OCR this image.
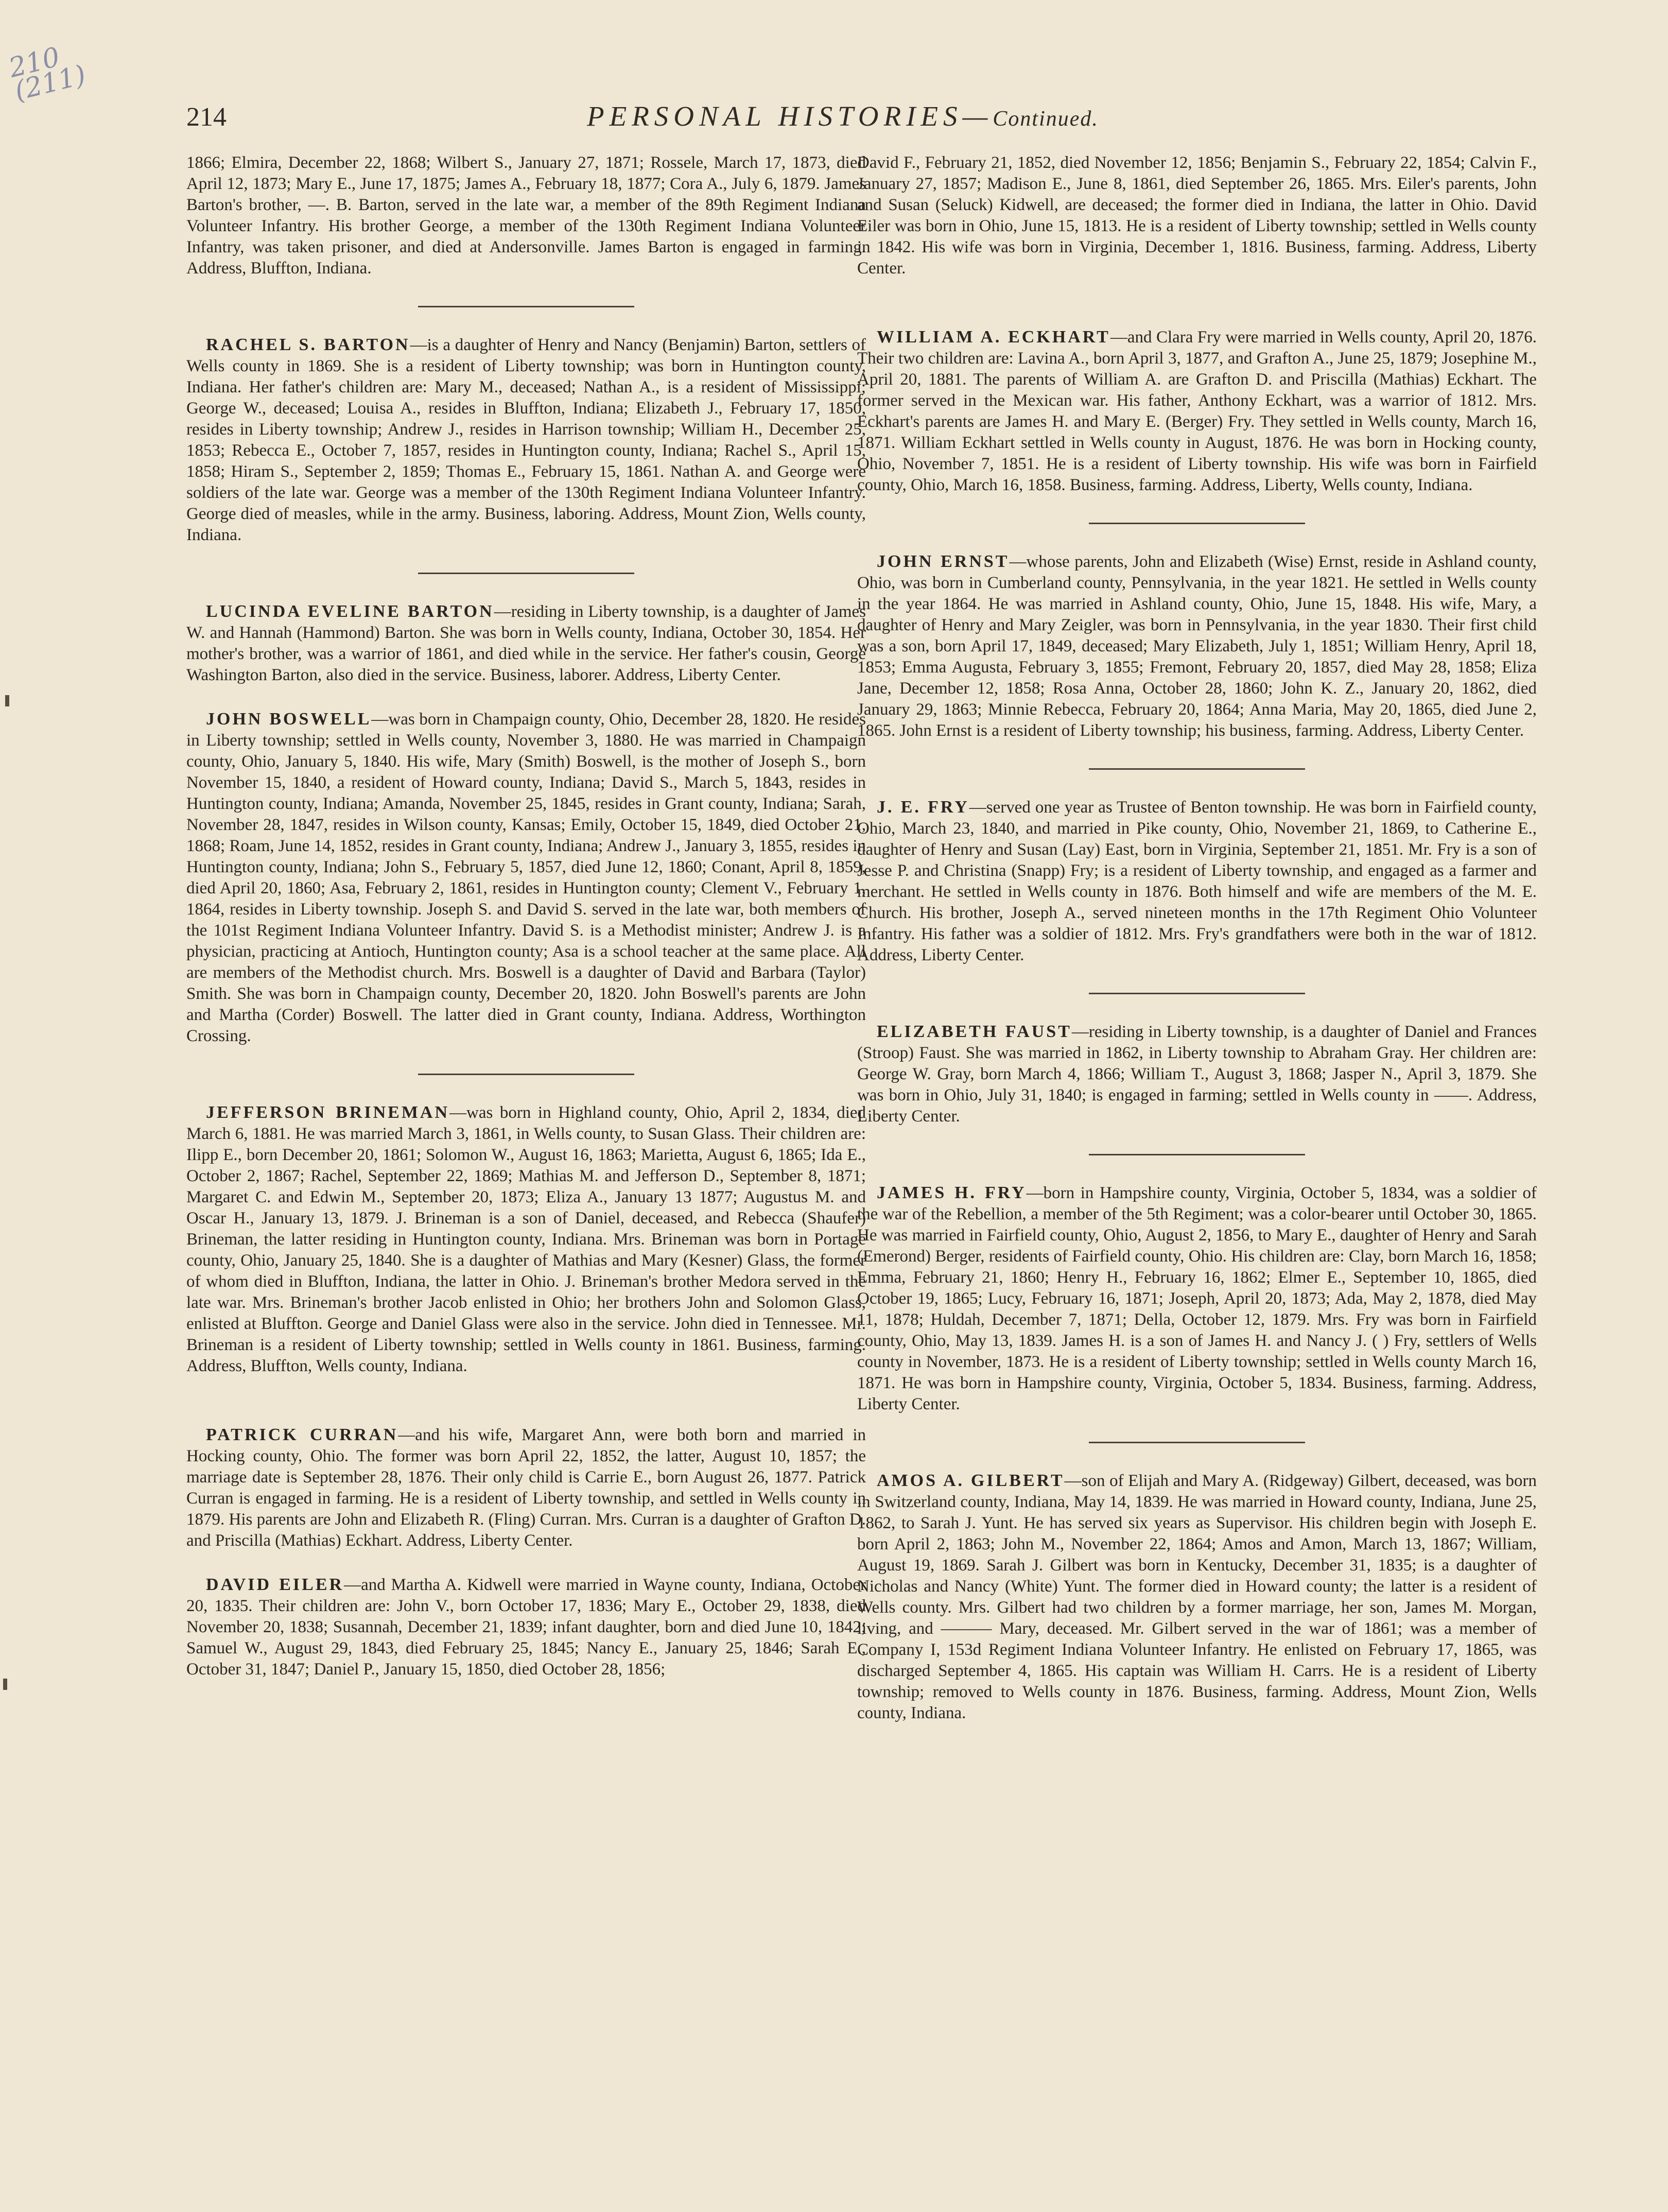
210 (211)
214	PERSONAL HISTORIES—Continued.

1866; Elmira, December 22, 1868; Wilbert S., January 27, 1871; Rossele, March 17, 1873, died April 12, 1873; Mary E., June 17, 1875; James A., February 18, 1877; Cora A., July 6, 1879. James Barton's brother, —. B. Barton, served in the late war, a member of the 89th Regiment Indiana Volunteer Infantry. His brother George, a member of the 130th Regiment Indiana Volunteer Infantry, was taken prisoner, and died at Andersonville. James Barton is engaged in farming. Address, Bluffton, Indiana.

RACHEL S. BARTON—is a daughter of Henry and Nancy (Benjamin) Barton, settlers of Wells county in 1869. She is a resident of Liberty township; was born in Huntington county, Indiana. Her father's children are: Mary M., deceased; Nathan A., is a resident of Mississippi; George W., deceased; Louisa A., resides in Bluffton, Indiana; Elizabeth J., February 17, 1850, resides in Liberty township; Andrew J., resides in Harrison township; William H., December 25, 1853; Rebecca E., October 7, 1857, resides in Huntington county, Indiana; Rachel S., April 15, 1858; Hiram S., September 2, 1859; Thomas E., February 15, 1861. Nathan A. and George were soldiers of the late war. George was a member of the 130th Regiment Indiana Volunteer Infantry. George died of measles, while in the army. Business, laboring. Address, Mount Zion, Wells county, Indiana.

LUCINDA EVELINE BARTON—residing in Liberty township, is a daughter of James W. and Hannah (Hammond) Barton. She was born in Wells county, Indiana, October 30, 1854. Her mother's brother, was a warrior of 1861, and died while in the service. Her father's cousin, George Washington Barton, also died in the service. Business, laborer. Address, Liberty Center.

JOHN BOSWELL—was born in Champaign county, Ohio, December 28, 1820. He resides in Liberty township; settled in Wells county, November 3, 1880. He was married in Champaign county, Ohio, January 5, 1840. His wife, Mary (Smith) Boswell, is the mother of Joseph S., born November 15, 1840, a resident of Howard county, Indiana; David S., March 5, 1843, resides in Huntington county, Indiana; Amanda, November 25, 1845, resides in Grant county, Indiana; Sarah, November 28, 1847, resides in Wilson county, Kansas; Emily, October 15, 1849, died October 21, 1868; Roam, June 14, 1852, resides in Grant county, Indiana; Andrew J., January 3, 1855, resides in Huntington county, Indiana; John S., February 5, 1857, died June 12, 1860; Conant, April 8, 1859, died April 20, 1860; Asa, February 2, 1861, resides in Huntington county; Clement V., February 1, 1864, resides in Liberty township. Joseph S. and David S. served in the late war, both members of the 101st Regiment Indiana Volunteer Infantry. David S. is a Methodist minister; Andrew J. is a physician, practicing at Antioch, Huntington county; Asa is a school teacher at the same place. All are members of the Methodist church. Mrs. Boswell is a daughter of David and Barbara (Taylor) Smith. She was born in Champaign county, December 20, 1820. John Boswell's parents are John and Martha (Corder) Boswell. The latter died in Grant county, Indiana. Address, Worthington Crossing.

JEFFERSON BRINEMAN—was born in Highland county, Ohio, April 2, 1834, died March 6, 1881. He was married March 3, 1861, in Wells county, to Susan Glass. Their children are: Ilipp E., born December 20, 1861; Solomon W., August 16, 1863; Marietta, August 6, 1865; Ida E., October 2, 1867; Rachel, September 22, 1869; Mathias M. and Jefferson D., September 8, 1871; Margaret C. and Edwin M., September 20, 1873; Eliza A., January 13 1877; Augustus M. and Oscar H., January 13, 1879. J. Brineman is a son of Daniel, deceased, and Rebecca (Shaufer) Brineman, the latter residing in Huntington county, Indiana. Mrs. Brineman was born in Portage county, Ohio, January 25, 1840. She is a daughter of Mathias and Mary (Kesner) Glass, the former of whom died in Bluffton, Indiana, the latter in Ohio. J. Brineman's brother Medora served in the late war. Mrs. Brineman's brother Jacob enlisted in Ohio; her brothers John and Solomon Glass, enlisted at Bluffton. George and Daniel Glass were also in the service. John died in Tennessee. Mr. Brineman is a resident of Liberty township; settled in Wells county in 1861. Business, farming. Address, Bluffton, Wells county, Indiana.

PATRICK CURRAN—and his wife, Margaret Ann, were both born and married in Hocking county, Ohio. The former was born April 22, 1852, the latter, August 10, 1857; the marriage date is September 28, 1876. Their only child is Carrie E., born August 26, 1877. Patrick Curran is engaged in farming. He is a resident of Liberty township, and settled in Wells county in 1879. His parents are John and Elizabeth R. (Fling) Curran. Mrs. Curran is a daughter of Grafton D. and Priscilla (Mathias) Eckhart. Address, Liberty Center.

DAVID EILER—and Martha A. Kidwell were married in Wayne county, Indiana, October 20, 1835. Their children are: John V., born October 17, 1836; Mary E., October 29, 1838, died November 20, 1838; Susannah, December 21, 1839; infant daughter, born and died June 10, 1842; Samuel W., August 29, 1843, died February 25, 1845; Nancy E., January 25, 1846; Sarah E., October 31, 1847; Daniel P., January 15, 1850, died October 28, 1856;

David F., February 21, 1852, died November 12, 1856; Benjamin S., February 22, 1854; Calvin F., January 27, 1857; Madison E., June 8, 1861, died September 26, 1865. Mrs. Eiler's parents, John and Susan (Seluck) Kidwell, are deceased; the former died in Indiana, the latter in Ohio. David Eiler was born in Ohio, June 15, 1813. He is a resident of Liberty township; settled in Wells county in 1842. His wife was born in Virginia, December 1, 1816. Business, farming. Address, Liberty Center.

WILLIAM A. ECKHART—and Clara Fry were married in Wells county, April 20, 1876. Their two children are: Lavina A., born April 3, 1877, and Grafton A., June 25, 1879; Josephine M., April 20, 1881. The parents of William A. are Grafton D. and Priscilla (Mathias) Eckhart. The former served in the Mexican war. His father, Anthony Eckhart, was a warrior of 1812. Mrs. Eckhart's parents are James H. and Mary E. (Berger) Fry. They settled in Wells county, March 16, 1871. William Eckhart settled in Wells county in August, 1876. He was born in Hocking county, Ohio, November 7, 1851. He is a resident of Liberty township. His wife was born in Fairfield county, Ohio, March 16, 1858. Business, farming. Address, Liberty, Wells county, Indiana.

JOHN ERNST—whose parents, John and Elizabeth (Wise) Ernst, reside in Ashland county, Ohio, was born in Cumberland county, Pennsylvania, in the year 1821. He settled in Wells county in the year 1864. He was married in Ashland county, Ohio, June 15, 1848. His wife, Mary, a daughter of Henry and Mary Zeigler, was born in Pennsylvania, in the year 1830. Their first child was a son, born April 17, 1849, deceased; Mary Elizabeth, July 1, 1851; William Henry, April 18, 1853; Emma Augusta, February 3, 1855; Fremont, February 20, 1857, died May 28, 1858; Eliza Jane, December 12, 1858; Rosa Anna, October 28, 1860; John K. Z., January 20, 1862, died January 29, 1863; Minnie Rebecca, February 20, 1864; Anna Maria, May 20, 1865, died June 2, 1865. John Ernst is a resident of Liberty township; his business, farming. Address, Liberty Center.

J. E. FRY—served one year as Trustee of Benton township. He was born in Fairfield county, Ohio, March 23, 1840, and married in Pike county, Ohio, November 21, 1869, to Catherine E., daughter of Henry and Susan (Lay) East, born in Virginia, September 21, 1851. Mr. Fry is a son of Jesse P. and Christina (Snapp) Fry; is a resident of Liberty township, and engaged as a farmer and merchant. He settled in Wells county in 1876. Both himself and wife are members of the M. E. Church. His brother, Joseph A., served nineteen months in the 17th Regiment Ohio Volunteer Infantry. His father was a soldier of 1812. Mrs. Fry's grandfathers were both in the war of 1812. Address, Liberty Center.

ELIZABETH FAUST—residing in Liberty township, is a daughter of Daniel and Frances (Stroop) Faust. She was married in 1862, in Liberty township to Abraham Gray. Her children are: George W. Gray, born March 4, 1866; William T., August 3, 1868; Jasper N., April 3, 1879. She was born in Ohio, July 31, 1840; is engaged in farming; settled in Wells county in ——. Address, Liberty Center.

JAMES H. FRY—born in Hampshire county, Virginia, October 5, 1834, was a soldier of the war of the Rebellion, a member of the 5th Regiment; was a color-bearer until October 30, 1865. He was married in Fairfield county, Ohio, August 2, 1856, to Mary E., daughter of Henry and Sarah (Emerond) Berger, residents of Fairfield county, Ohio. His children are: Clay, born March 16, 1858; Emma, February 21, 1860; Henry H., February 16, 1862; Elmer E., September 10, 1865, died October 19, 1865; Lucy, February 16, 1871; Joseph, April 20, 1873; Ada, May 2, 1878, died May 11, 1878; Huldah, December 7, 1871; Della, October 12, 1879. Mrs. Fry was born in Fairfield county, Ohio, May 13, 1839. James H. is a son of James H. and Nancy J. ( ) Fry, settlers of Wells county in November, 1873. He is a resident of Liberty township; settled in Wells county March 16, 1871. He was born in Hampshire county, Virginia, October 5, 1834. Business, farming. Address, Liberty Center.

AMOS A. GILBERT—son of Elijah and Mary A. (Ridgeway) Gilbert, deceased, was born in Switzerland county, Indiana, May 14, 1839. He was married in Howard county, Indiana, June 25, 1862, to Sarah J. Yunt. He has served six years as Supervisor. His children begin with Joseph E. born April 2, 1863; John M., November 22, 1864; Amos and Amon, March 13, 1867; William, August 19, 1869. Sarah J. Gilbert was born in Kentucky, December 31, 1835; is a daughter of Nicholas and Nancy (White) Yunt. The former died in Howard county; the latter is a resident of Wells county. Mrs. Gilbert had two children by a former marriage, her son, James M. Morgan, living, and ——— Mary, deceased. Mr. Gilbert served in the war of 1861; was a member of Company I, 153d Regiment Indiana Volunteer Infantry. He enlisted on February 17, 1865, was discharged September 4, 1865. His captain was William H. Carrs. He is a resident of Liberty township; removed to Wells county in 1876. Business, farming. Address, Mount Zion, Wells county, Indiana.
